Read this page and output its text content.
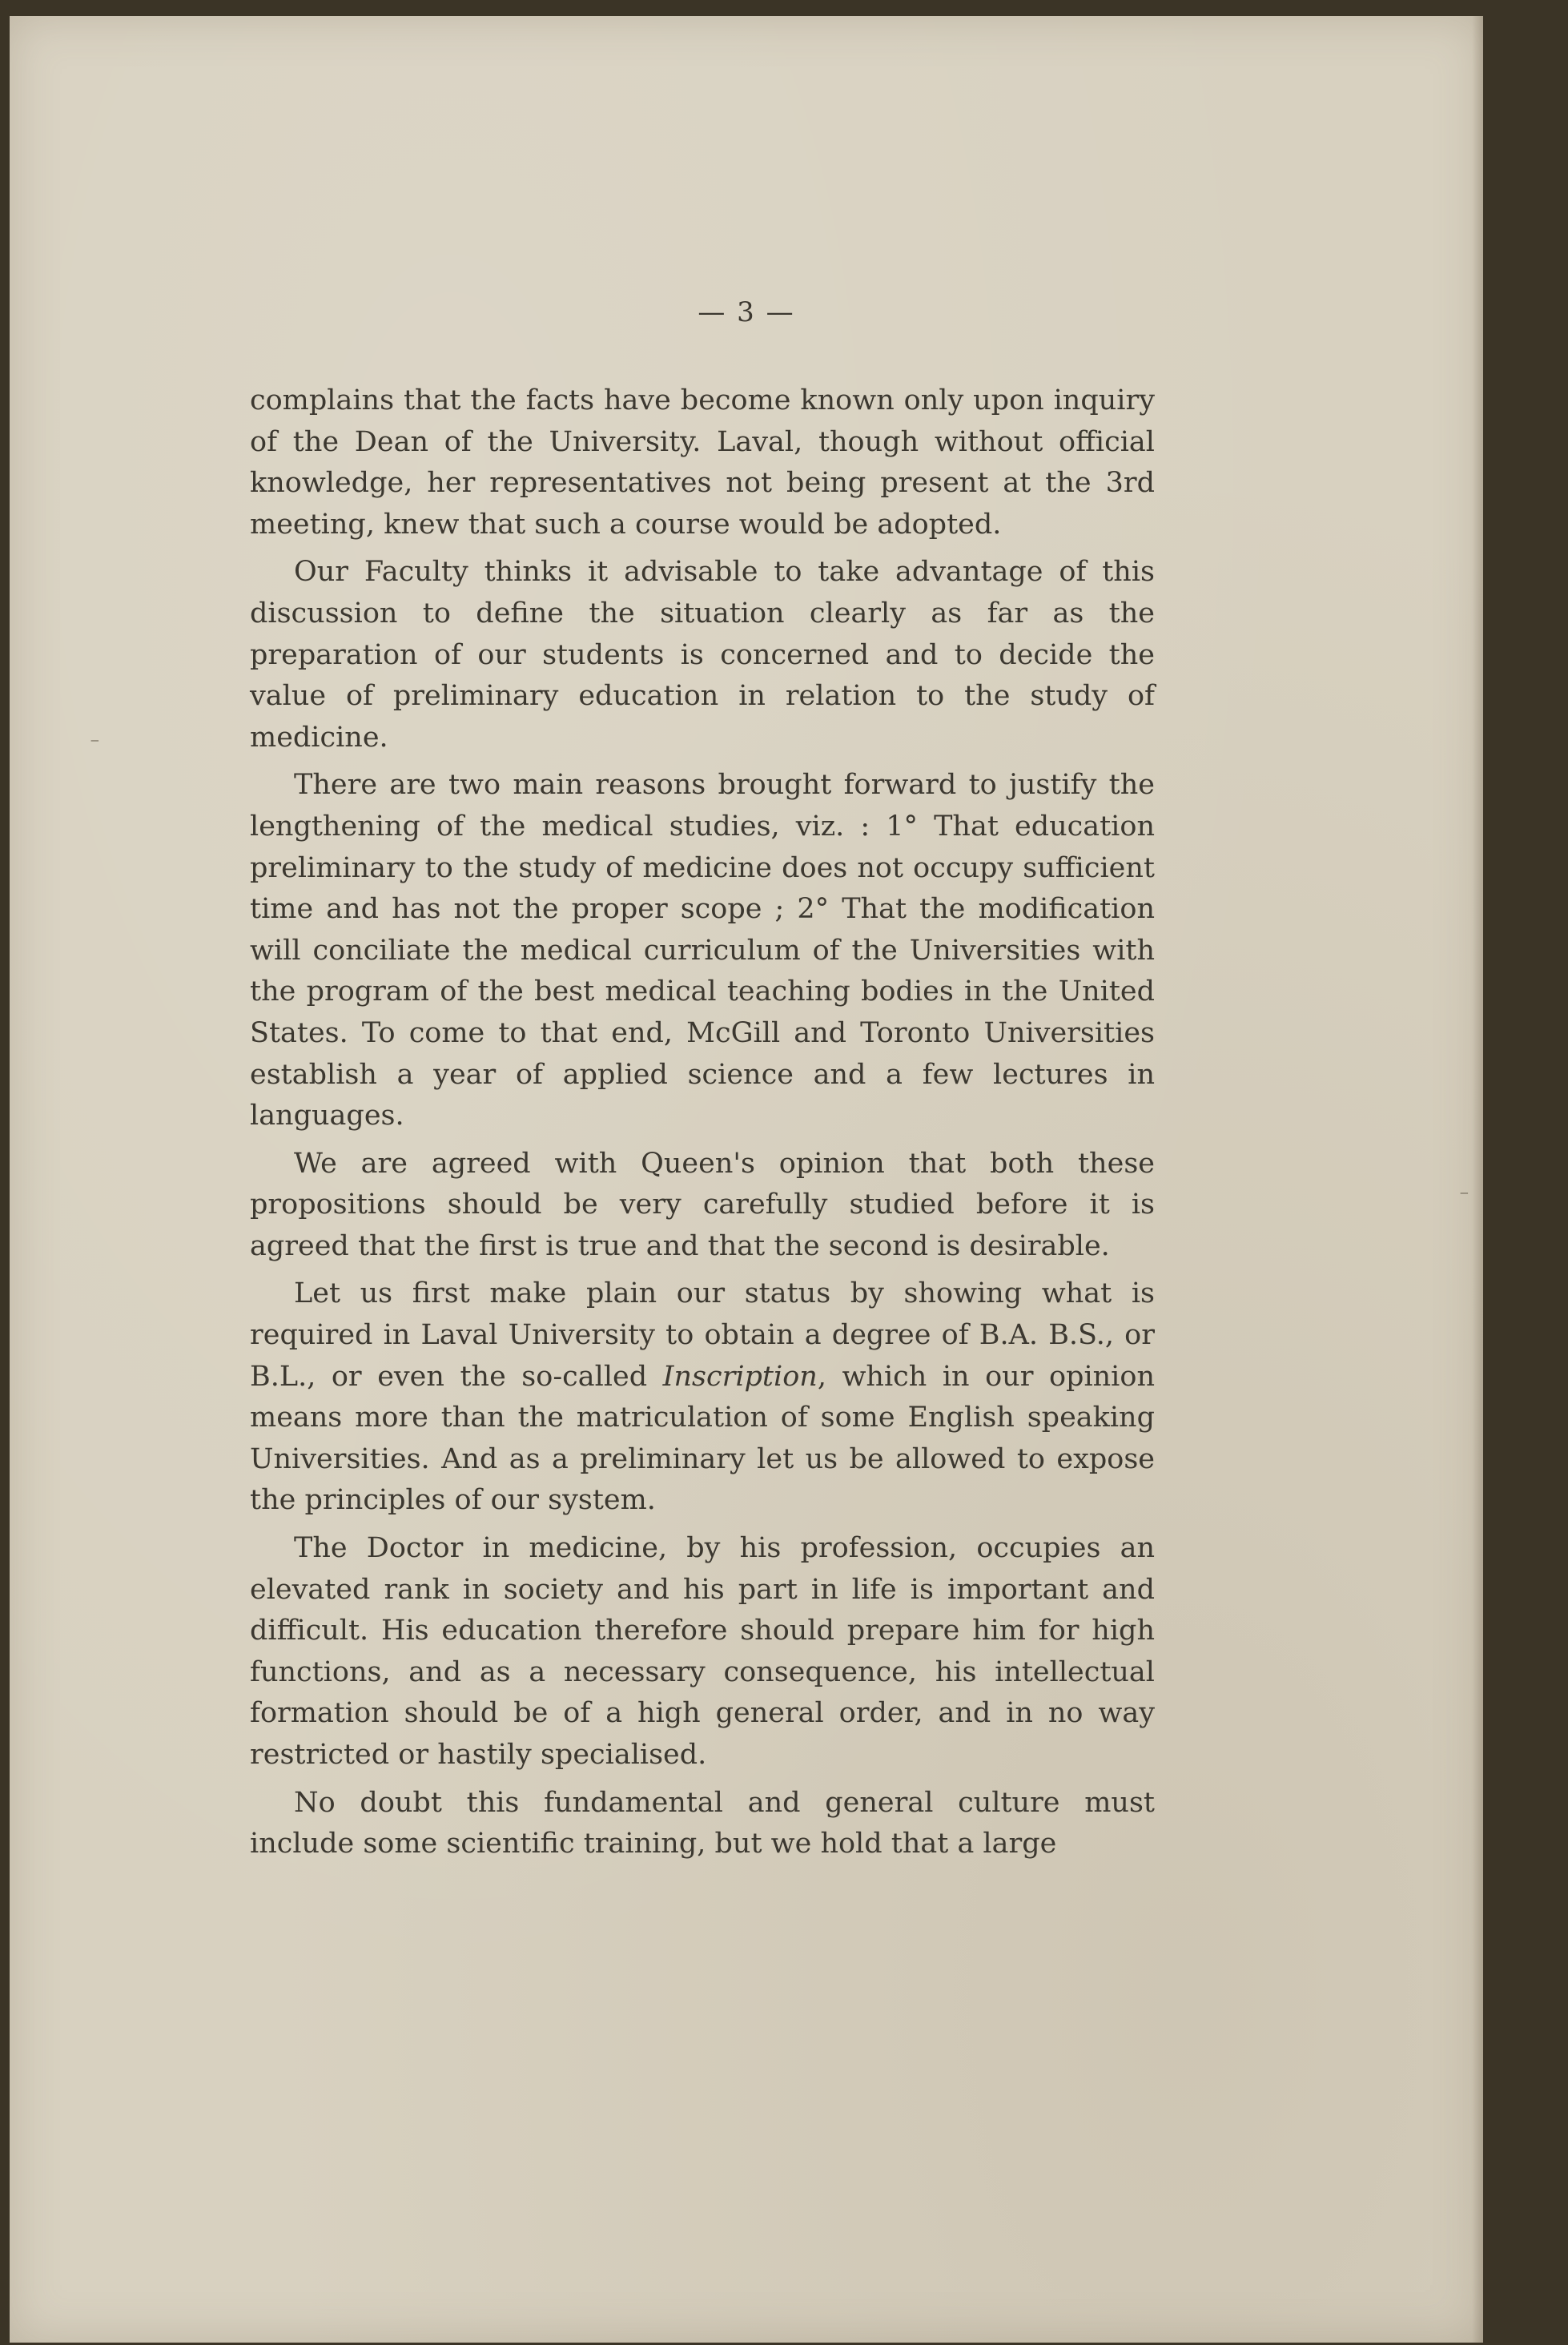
— 3 —

complains that the facts have become known only upon inquiry of the Dean of the University. Laval, though without official knowledge, her representatives not being present at the 3rd meeting, knew that such a course would be adopted.

Our Faculty thinks it advisable to take advantage of this discussion to define the situation clearly as far as the preparation of our students is concerned and to decide the value of preliminary education in relation to the study of medicine.

There are two main reasons brought forward to justify the lengthening of the medical studies, viz. : 1° That education preliminary to the study of medicine does not occupy sufficient time and has not the proper scope ; 2° That the modification will conciliate the medical curriculum of the Universities with the program of the best medical teaching bodies in the United States. To come to that end, McGill and Toronto Universities establish a year of applied science and a few lectures in languages.

We are agreed with Queen's opinion that both these propositions should be very carefully studied before it is agreed that the first is true and that the second is desirable.

Let us first make plain our status by showing what is required in Laval University to obtain a degree of B.A. B.S., or B.L., or even the so-called Inscription, which in our opinion means more than the matriculation of some English speaking Universities. And as a preliminary let us be allowed to expose the principles of our system.

The Doctor in medicine, by his profession, occupies an elevated rank in society and his part in life is important and difficult. His education therefore should prepare him for high functions, and as a necessary consequence, his intellectual formation should be of a high general order, and in no way restricted or hastily specialised.

No doubt this fundamental and general culture must include some scientific training, but we hold that a large

⁻
⁻
